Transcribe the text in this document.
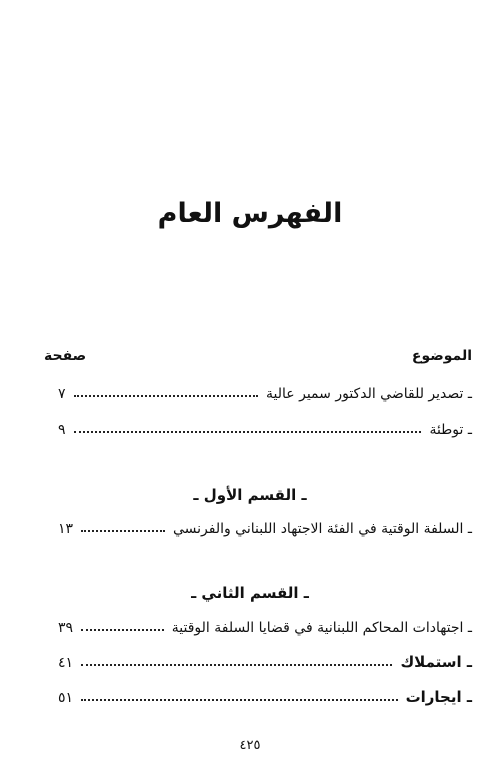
الفهرس العام
الموضوع
صفحة
ـ تصدير للقاضي الدكتور سمير عالية
٧
ـ توطئة
٩
ـ القسم الأول ـ
ـ السلفة الوقتية في الفئة الاجتهاد اللبناني والفرنسي
١٣
ـ القسم الثاني ـ
ـ اجتهادات المحاكم اللبنانية في قضايا السلفة الوقتية
٣٩
ـ استملاك
٤١
ـ ايجارات
٥١
٤٢٥
